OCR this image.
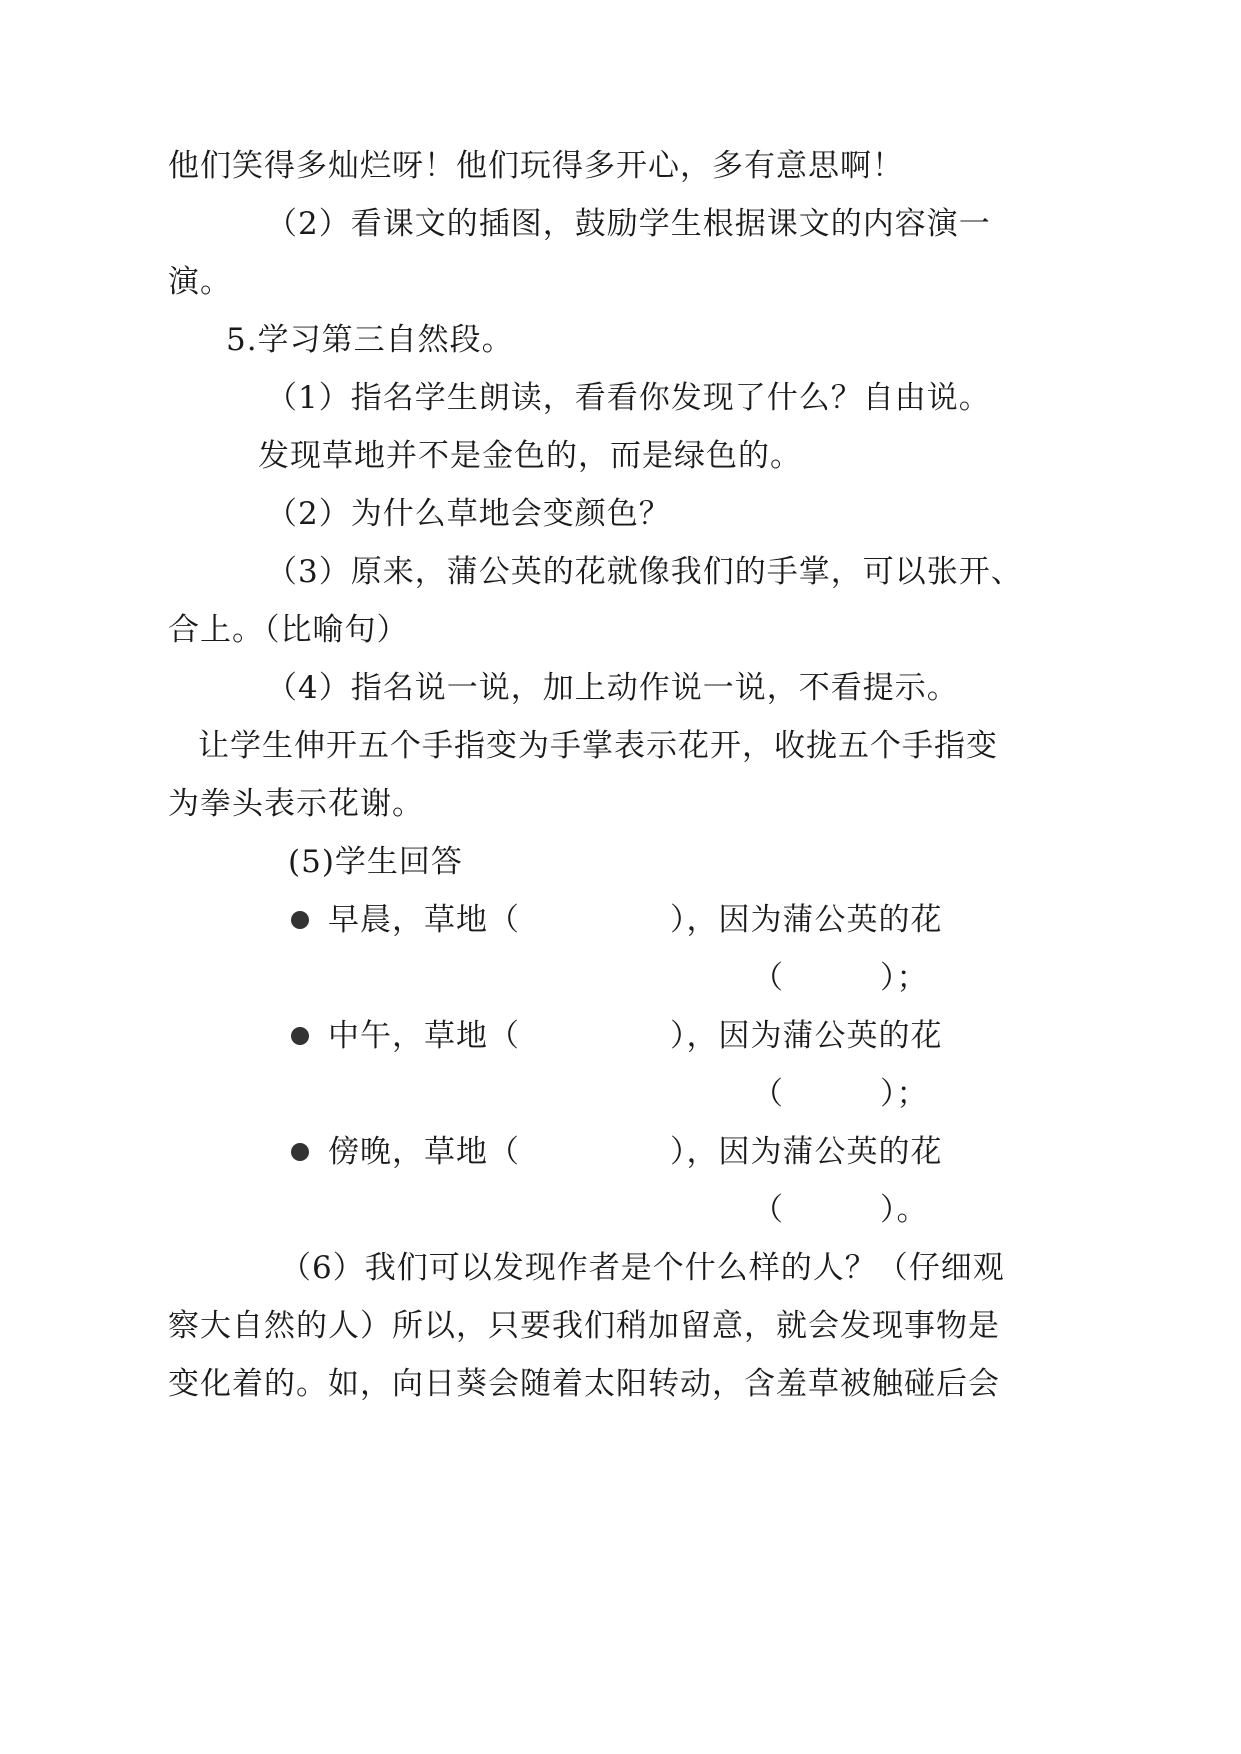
他们笑得多灿烂呀！他们玩得多开心，多有意思啊！
（2）看课文的插图，鼓励学生根据课文的内容演一
演。
5.学习第三自然段。
（1）指名学生朗读，看看你发现了什么？自由说。
发现草地并不是金色的，而是绿色的。
（2）为什么草地会变颜色？
（3）原来，蒲公英的花就像我们的手掌，可以张开、
合上。（比喻句）
（4）指名说一说，加上动作说一说，不看提示。
让学生伸开五个手指变为手掌表示花开，收拢五个手指变
为拳头表示花谢。
(5)学生回答
早晨，草地（	），因为蒲公英的花
（	）；
中午，草地（	），因为蒲公英的花
（	）；
傍晚，草地（	），因为蒲公英的花
（	）。
（6）我们可以发现作者是个什么样的人？（仔细观
察大自然的人）所以，只要我们稍加留意，就会发现事物是
变化着的。如，向日葵会随着太阳转动，含羞草被触碰后会
